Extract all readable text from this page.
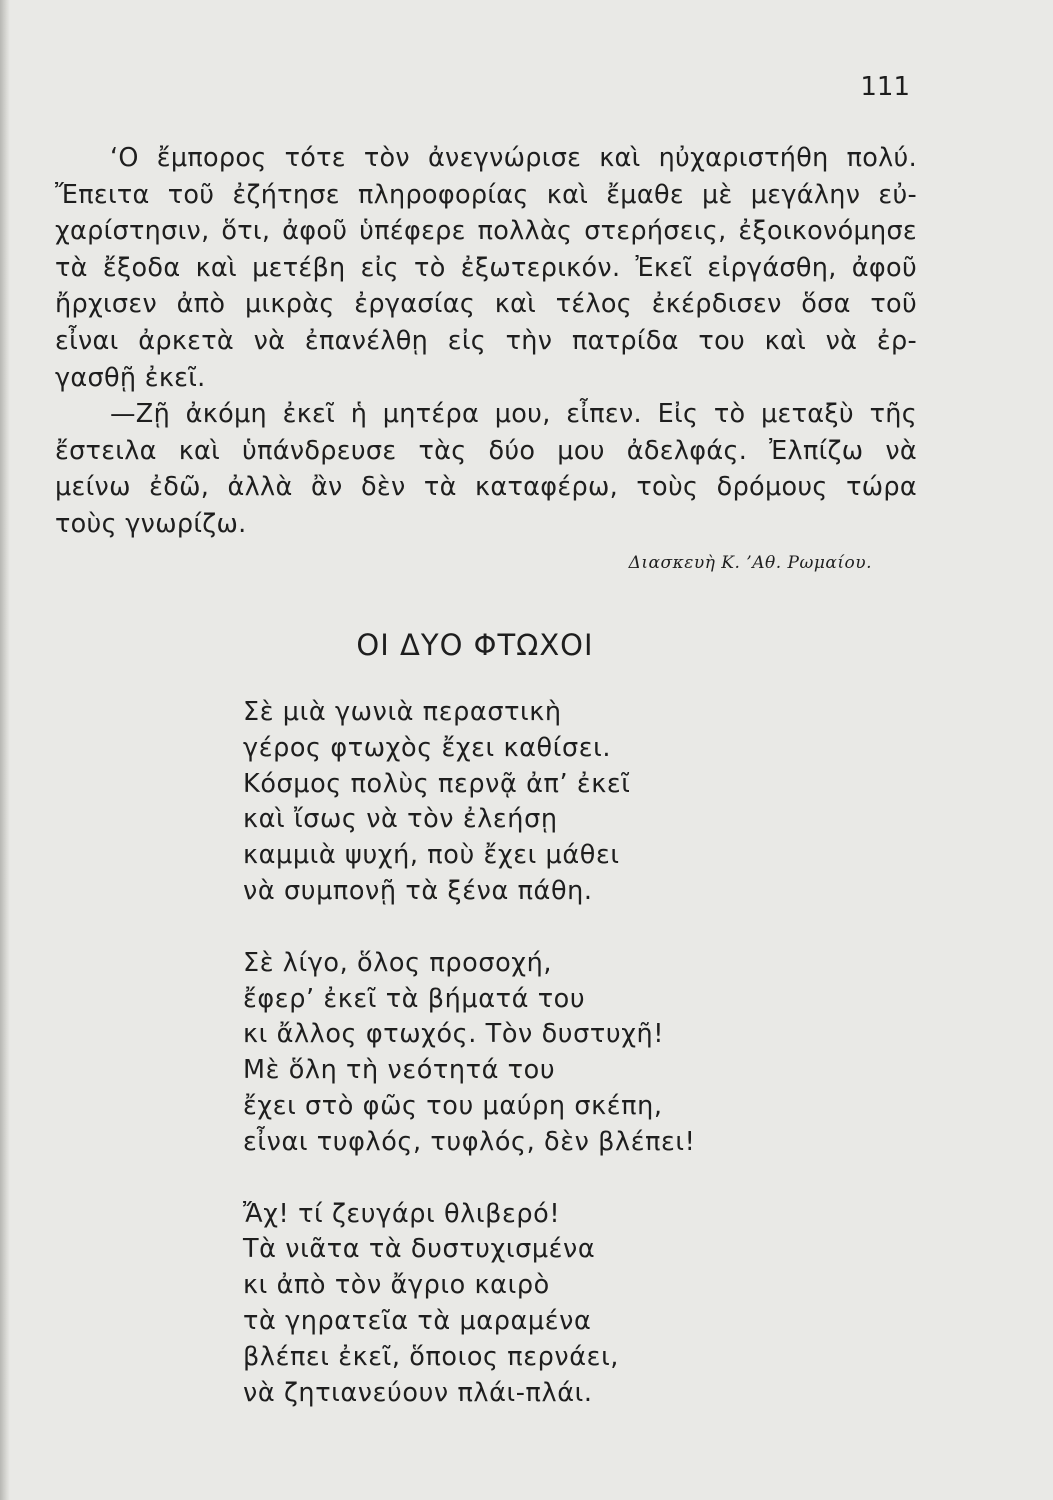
111
‘Ο ἔμπορος τότε τὸν ἀνεγνώρισε καὶ ηὐχαριστήθη πολύ.
Ἔπειτα τοῦ ἐζήτησε πληροφορίας καὶ ἔμαθε μὲ μεγάλην εὐ-
χαρίστησιν, ὅτι, ἀφοῦ ὑπέφερε πολλὰς στερήσεις, ἐξοικονόμησε
τὰ ἔξοδα καὶ μετέβη εἰς τὸ ἐξωτερικόν. Ἐκεῖ εἰργάσθη, ἀφοῦ
ἤρχισεν ἀπὸ μικρὰς ἐργασίας καὶ τέλος ἐκέρδισεν ὅσα τοῦ
εἶναι ἀρκετὰ νὰ ἐπανέλθῃ εἰς τὴν πατρίδα του καὶ νὰ ἐρ-
γασθῇ ἐκεῖ.
—Ζῇ ἀκόμη ἐκεῖ ἡ μητέρα μου, εἶπεν. Εἰς τὸ μεταξὺ τῆς
ἔστειλα καὶ ὑπάνδρευσε τὰς δύο μου ἀδελφάς. Ἐλπίζω νὰ
μείνω ἐδῶ, ἀλλὰ ἂν δὲν τὰ καταφέρω, τοὺς δρόμους τώρα
τοὺς γνωρίζω.
Διασκευὴ Κ. ’Αθ. Ρωμαίου.
ΟΙ ΔΥΟ ΦΤΩΧΟΙ
Σὲ μιὰ γωνιὰ περαστικὴ
γέρος φτωχὸς ἔχει καθίσει.
Κόσμος πολὺς περνᾷ ἀπ’ ἐκεῖ
καὶ ἴσως νὰ τὸν ἐλεήσῃ
καμμιὰ ψυχή, ποὺ ἔχει μάθει
νὰ συμπονῇ τὰ ξένα πάθη.
Σὲ λίγο, ὅλος προσοχή,
ἔφερ’ ἐκεῖ τὰ βήματά του
κι ἄλλος φτωχός. Τὸν δυστυχῆ!
Μὲ ὅλη τὴ νεότητά του
ἔχει στὸ φῶς του μαύρη σκέπη,
εἶναι τυφλός, τυφλός, δὲν βλέπει!
Ἄχ! τί ζευγάρι θλιβερό!
Τὰ νιᾶτα τὰ δυστυχισμένα
κι ἀπὸ τὸν ἄγριο καιρὸ
τὰ γηρατεῖα τὰ μαραμένα
βλέπει ἐκεῖ, ὅποιος περνάει,
νὰ ζητιανεύουν πλάι-πλάι.
